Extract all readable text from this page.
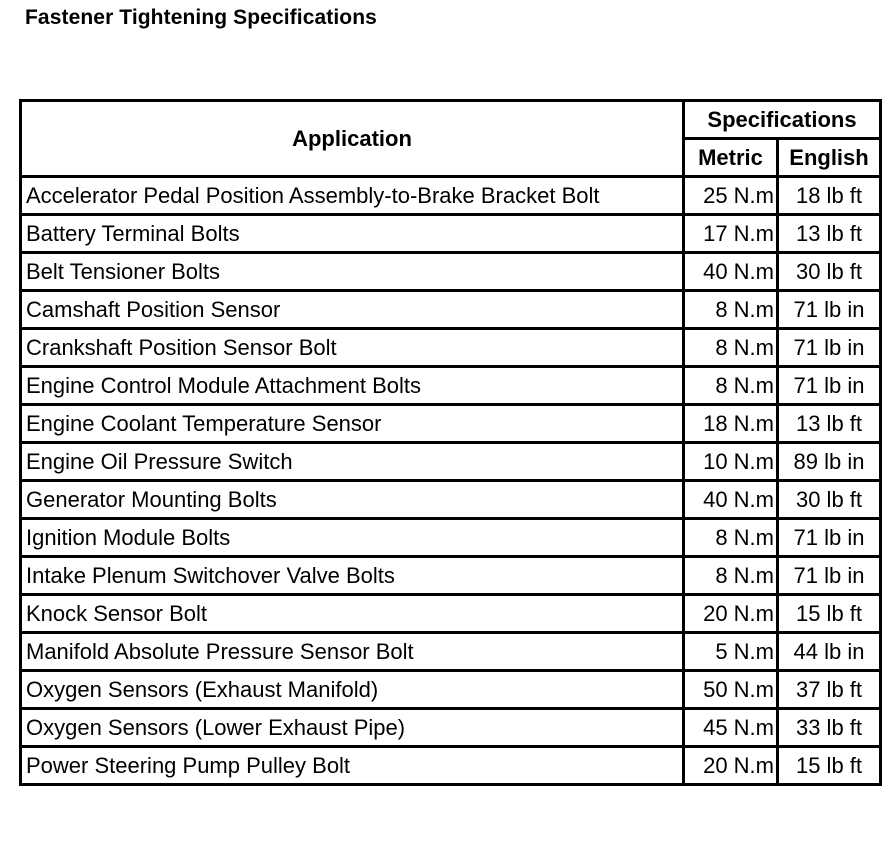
Fastener Tightening Specifications
Application	Specifications	
	Metric	English
Accelerator Pedal Position Assembly-to-Brake Bracket Bolt	25 N.m	18 lb ft
Battery Terminal Bolts	17 N.m	13 lb ft
Belt Tensioner Bolts	40 N.m	30 lb ft
Camshaft Position Sensor	8 N.m	71 lb in
Crankshaft Position Sensor Bolt	8 N.m	71 lb in
Engine Control Module Attachment Bolts	8 N.m	71 lb in
Engine Coolant Temperature Sensor	18 N.m	13 lb ft
Engine Oil Pressure Switch	10 N.m	89 lb in
Generator Mounting Bolts	40 N.m	30 lb ft
Ignition Module Bolts	8 N.m	71 lb in
Intake Plenum Switchover Valve Bolts	8 N.m	71 lb in
Knock Sensor Bolt	20 N.m	15 lb ft
Manifold Absolute Pressure Sensor Bolt	5 N.m	44 lb in
Oxygen Sensors (Exhaust Manifold)	50 N.m	37 lb ft
Oxygen Sensors (Lower Exhaust Pipe)	45 N.m	33 lb ft
Power Steering Pump Pulley Bolt	20 N.m	15 lb ft
